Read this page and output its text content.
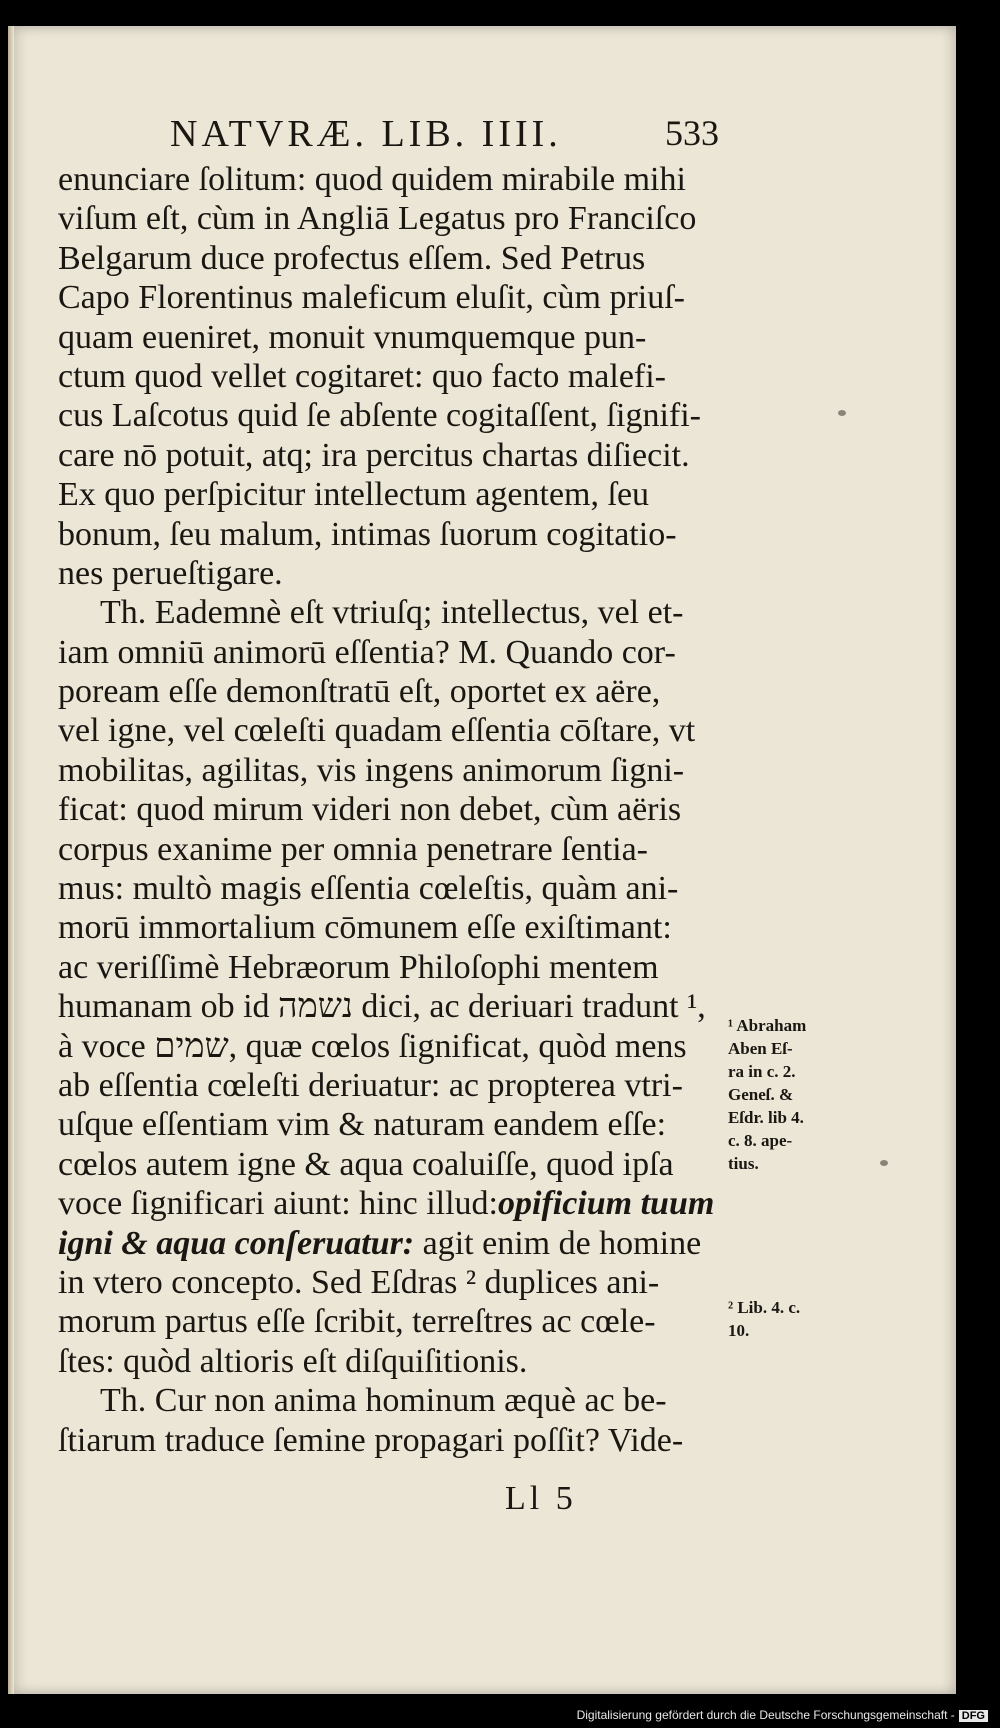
NATVRÆ. LIB. IIII.	533
enunciare ſolitum: quod quidem mirabile mihi
viſum eſt, cùm in Angliā Legatus pro Franciſco
Belgarum duce profectus eſſem. Sed Petrus
Capo Florentinus maleficum eluſit, cùm priuſ-
quam eueniret, monuit vnumquemque pun-
ctum quod vellet cogitaret: quo facto malefi-
cus Laſcotus quid ſe abſente cogitaſſent, ſignifi-
care nō potuit, atq; ira percitus chartas diſiecit.
Ex quo perſpicitur intellectum agentem, ſeu
bonum, ſeu malum, intimas ſuorum cogitatio-
nes perueſtigare.
Th. Eademnè eſt vtriuſq; intellectus, vel et-
iam omniū animorū eſſentia? M. Quando cor-
poream eſſe demonſtratū eſt, oportet ex aëre,
vel igne, vel cœleſti quadam eſſentia cōſtare, vt
mobilitas, agilitas, vis ingens animorum ſigni-
ficat: quod mirum videri non debet, cùm aëris
corpus exanime per omnia penetrare ſentia-
mus: multò magis eſſentia cœleſtis, quàm ani-
morū immortalium cōmunem eſſe exiſtimant:
ac veriſſimè Hebræorum Philoſophi mentem
humanam ob id נשמה dici, ac deriuari tradunt ¹,
à voce שמים, quæ cœlos ſignificat, quòd mens
ab eſſentia cœleſti deriuatur: ac propterea vtri-
uſque eſſentiam vim & naturam eandem eſſe:
cœlos autem igne & aqua coaluiſſe, quod ipſa
voce ſignificari aiunt: hinc illud:opificium tuum
igni & aqua conſeruatur: agit enim de homine
in vtero concepto. Sed Eſdras ² duplices ani-
morum partus eſſe ſcribit, terreſtres ac cœle-
ſtes: quòd altioris eſt diſquiſitionis.
Th. Cur non anima hominum æquè ac be-
ſtiarum traduce ſemine propagari poſſit? Vide-
¹ Abraham
Aben Eſ-
ra in c. 2.
Geneſ. &
Eſdr. lib 4.
c. 8. ape-
tius.
² Lib. 4. c.
10.
Ll 5
Digitalisierung gefördert durch die Deutsche Forschungsgemeinschaft - DFG
